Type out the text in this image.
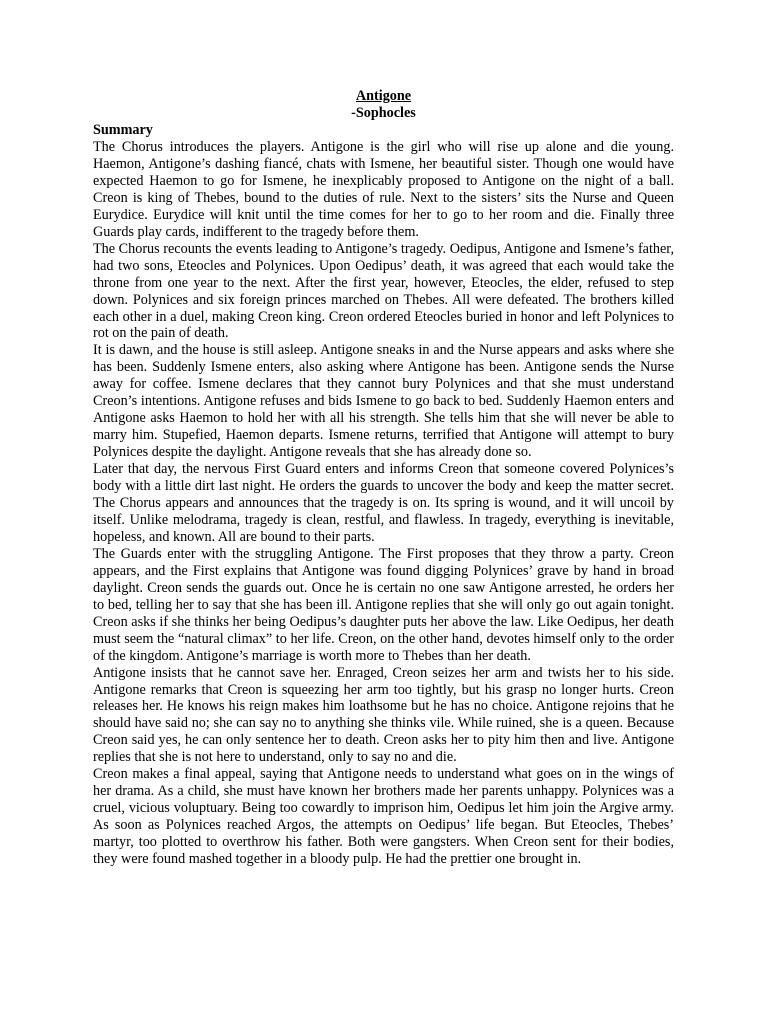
Antigone

-Sophocles

Summary

The Chorus introduces the players. Antigone is the girl who will rise up alone and die young. Haemon, Antigone’s dashing fiancé, chats with Ismene, her beautiful sister. Though one would have expected Haemon to go for Ismene, he inexplicably proposed to Antigone on the night of a ball. Creon is king of Thebes, bound to the duties of rule. Next to the sisters’ sits the Nurse and Queen Eurydice. Eurydice will knit until the time comes for her to go to her room and die. Finally three Guards play cards, indifferent to the tragedy before them.

The Chorus recounts the events leading to Antigone’s tragedy. Oedipus, Antigone and Ismene’s father, had two sons, Eteocles and Polynices. Upon Oedipus’ death, it was agreed that each would take the throne from one year to the next. After the first year, however, Eteocles, the elder, refused to step down. Polynices and six foreign princes marched on Thebes. All were defeated. The brothers killed each other in a duel, making Creon king. Creon ordered Eteocles buried in honor and left Polynices to rot on the pain of death.

It is dawn, and the house is still asleep. Antigone sneaks in and the Nurse appears and asks where she has been. Suddenly Ismene enters, also asking where Antigone has been. Antigone sends the Nurse away for coffee. Ismene declares that they cannot bury Polynices and that she must understand Creon’s intentions. Antigone refuses and bids Ismene to go back to bed. Suddenly Haemon enters and Antigone asks Haemon to hold her with all his strength. She tells him that she will never be able to marry him. Stupefied, Haemon departs. Ismene returns, terrified that Antigone will attempt to bury Polynices despite the daylight. Antigone reveals that she has already done so.

Later that day, the nervous First Guard enters and informs Creon that someone covered Polynices’s body with a little dirt last night. He orders the guards to uncover the body and keep the matter secret. The Chorus appears and announces that the tragedy is on. Its spring is wound, and it will uncoil by itself. Unlike melodrama, tragedy is clean, restful, and flawless. In tragedy, everything is inevitable, hopeless, and known. All are bound to their parts.

The Guards enter with the struggling Antigone. The First proposes that they throw a party. Creon appears, and the First explains that Antigone was found digging Polynices’ grave by hand in broad daylight. Creon sends the guards out. Once he is certain no one saw Antigone arrested, he orders her to bed, telling her to say that she has been ill. Antigone replies that she will only go out again tonight. Creon asks if she thinks her being Oedipus’s daughter puts her above the law. Like Oedipus, her death must seem the “natural climax” to her life. Creon, on the other hand, devotes himself only to the order of the kingdom. Antigone’s marriage is worth more to Thebes than her death.

Antigone insists that he cannot save her. Enraged, Creon seizes her arm and twists her to his side. Antigone remarks that Creon is squeezing her arm too tightly, but his grasp no longer hurts. Creon releases her. He knows his reign makes him loathsome but he has no choice. Antigone rejoins that he should have said no; she can say no to anything she thinks vile. While ruined, she is a queen. Because Creon said yes, he can only sentence her to death. Creon asks her to pity him then and live. Antigone replies that she is not here to understand, only to say no and die.

Creon makes a final appeal, saying that Antigone needs to understand what goes on in the wings of her drama. As a child, she must have known her brothers made her parents unhappy. Polynices was a cruel, vicious voluptuary. Being too cowardly to imprison him, Oedipus let him join the Argive army. As soon as Polynices reached Argos, the attempts on Oedipus’ life began. But Eteocles, Thebes’ martyr, too plotted to overthrow his father. Both were gangsters. When Creon sent for their bodies, they were found mashed together in a bloody pulp. He had the prettier one brought in.
